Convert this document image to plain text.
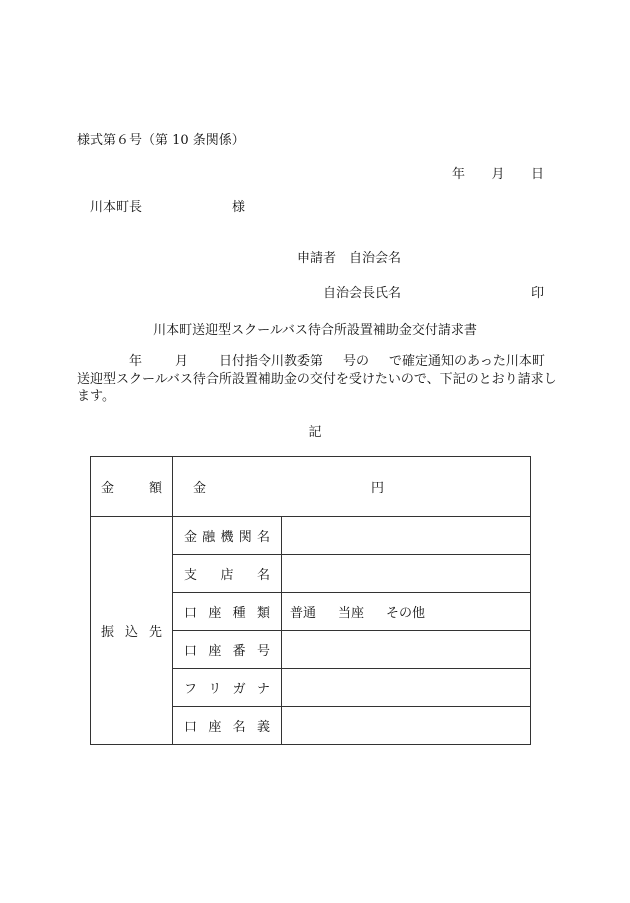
様式第６号（第 10 条関係）
年 月 日
川本町長	様
申請者 自治会名
自治会長氏名	印
川本町送迎型スクールバス待合所設置補助金交付請求書
年	月 日付指令川教委第 号の で確定通知のあった川本町
送迎型スクールバス待合所設置補助金の交付を受けたいので、下記のとおり請求し
ます。
記
金 額	金 円	

振 込 先	金 融 機 関 名	

	支 店 名	

	口 座 種 類	普通 当座 その他

	口 座 番 号	

	フ リ ガ ナ	

	口 座 名 義	
